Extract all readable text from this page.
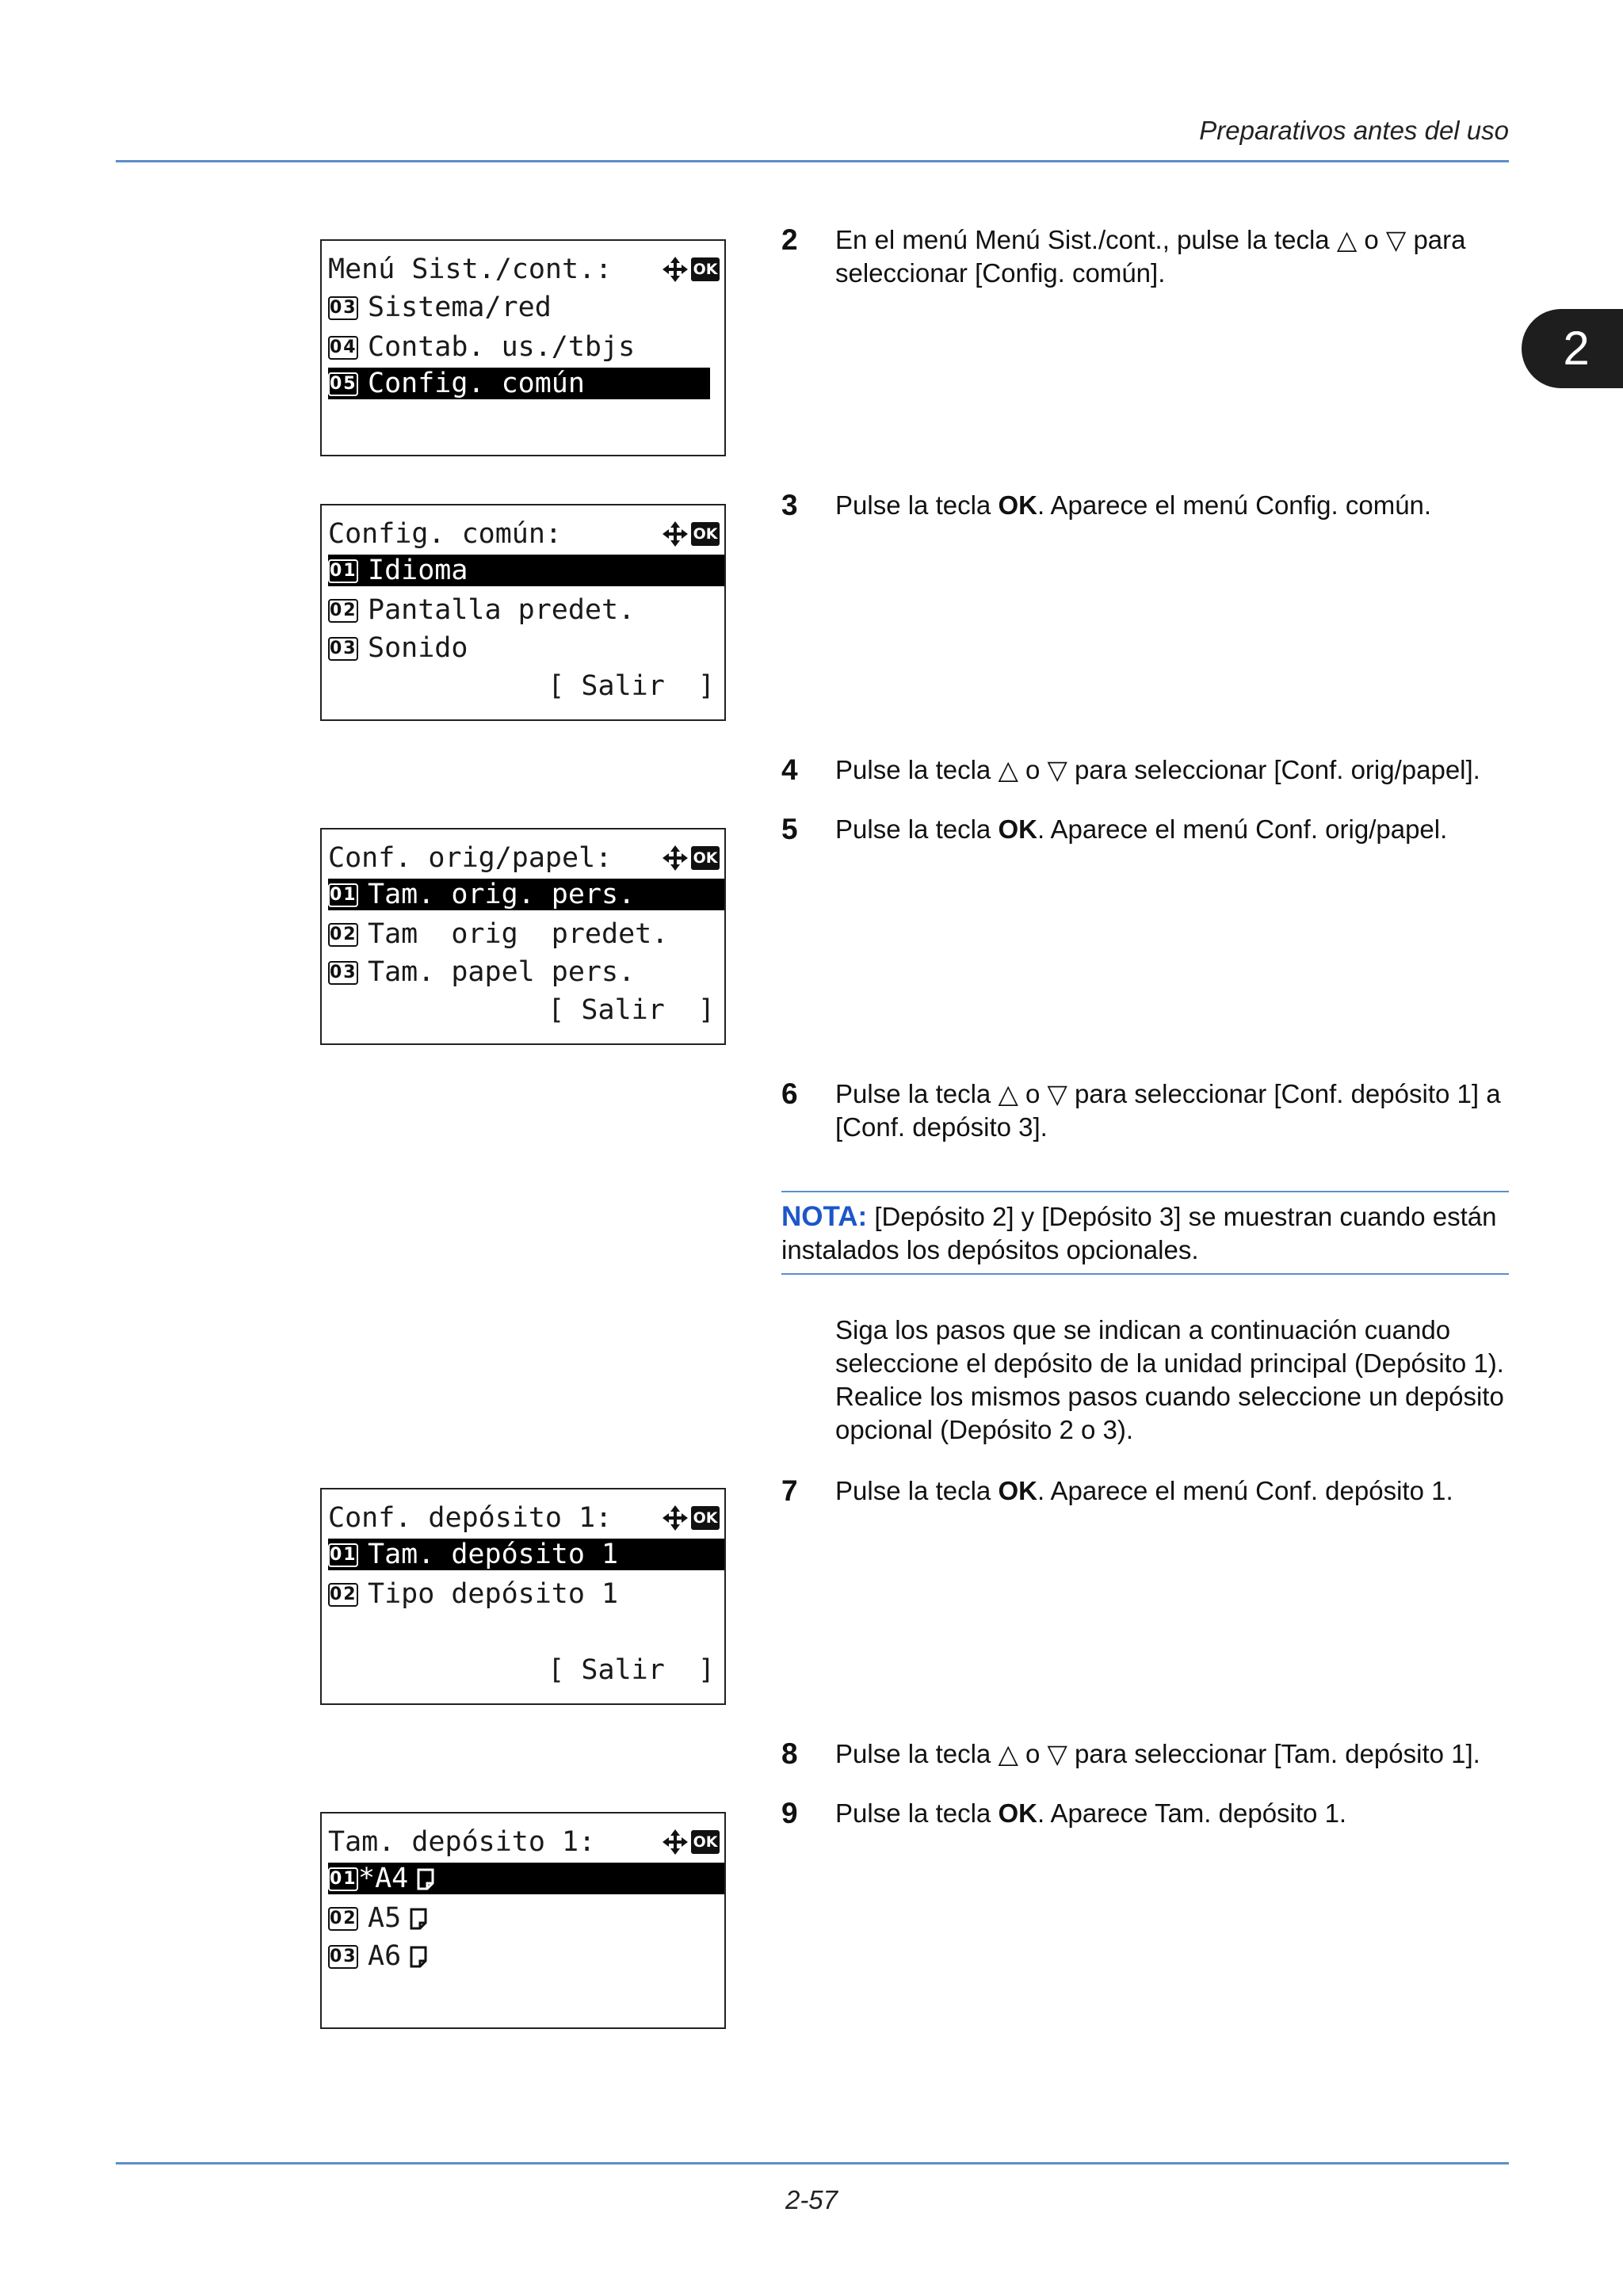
Preparativos antes del uso
2
Menú Sist./cont.:	OK
03 Sistema/red
04 Contab. us./tbjs
05 Config. común
Config. común:	OK
01 Idioma
02 Pantalla predet.
03 Sonido
[ Salir  ]
Conf. orig/papel:	OK
01 Tam. orig. pers.
02 Tam  orig  predet.
03 Tam. papel pers.
[ Salir  ]
Conf. depósito 1:	OK
01 Tam. depósito 1
02 Tipo depósito 1
[ Salir  ]
Tam. depósito 1:	OK
01*A4
02 A5
03 A6
2 En el menú Menú Sist./cont., pulse la tecla △ o ▽ para seleccionar [Config. común].
3 Pulse la tecla OK. Aparece el menú Config. común.
4 Pulse la tecla △ o ▽ para seleccionar [Conf. orig/papel].
5 Pulse la tecla OK. Aparece el menú Conf. orig/papel.
6 Pulse la tecla △ o ▽ para seleccionar [Conf. depósito 1] a [Conf. depósito 3].
NOTA: [Depósito 2] y [Depósito 3] se muestran cuando están instalados los depósitos opcionales.
Siga los pasos que se indican a continuación cuando seleccione el depósito de la unidad principal (Depósito 1). Realice los mismos pasos cuando seleccione un depósito opcional (Depósito 2 o 3).
7 Pulse la tecla OK. Aparece el menú Conf. depósito 1.
8 Pulse la tecla △ o ▽ para seleccionar [Tam. depósito 1].
9 Pulse la tecla OK. Aparece Tam. depósito 1.
2-57
